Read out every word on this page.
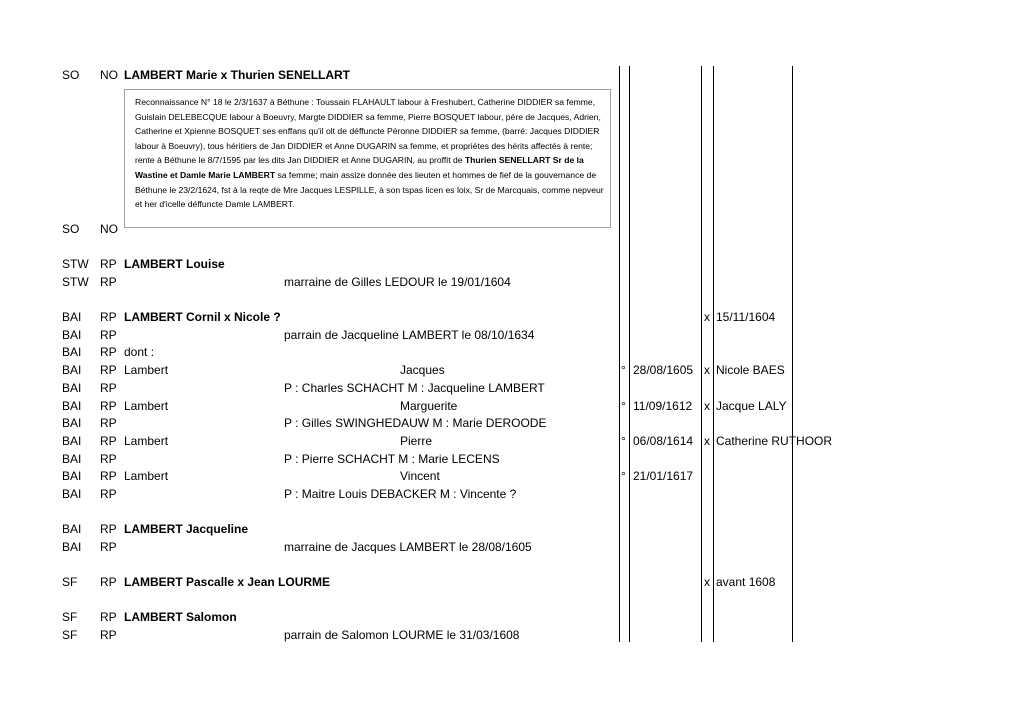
SO NO LAMBERT Marie x Thurien SENELLART
SO NO
STW RP LAMBERT Louise
STW RP	marraine de Gilles LEDOUR le 19/01/1604
BAI RP LAMBERT Cornil x Nicole ?	x 15/11/1604
BAI RP	parrain de Jacqueline LAMBERT le 08/10/1634
BAI RP dont :
BAI RP Lambert	Jacques	° 28/08/1605 x Nicole BAES
BAI RP	P : Charles SCHACHT M : Jacqueline LAMBERT
BAI RP Lambert	Marguerite	° 11/09/1612 x Jacque LALY
BAI RP	P : Gilles SWINGHEDAUW M : Marie DEROODE
BAI RP Lambert	Pierre	° 06/08/1614 x Catherine RUTHOOR
BAI RP	P : Pierre SCHACHT M : Marie LECENS
BAI RP Lambert	Vincent	° 21/01/1617
BAI RP	P : Maitre Louis DEBACKER M : Vincente ?
BAI RP LAMBERT Jacqueline
BAI RP	marraine de Jacques LAMBERT le 28/08/1605
SF RP LAMBERT Pascalle x Jean LOURME	x avant 1608
SF RP LAMBERT Salomon
SF RP	parrain de Salomon LOURME le 31/03/1608

Reconnaissance N° 18 le 2/3/1637 à Béthune : Toussain FLAHAULT labour à Freshubert, Catherine DIDDIER sa femme, Guislain DELEBECQUE labour à Boeuvry, Margte DIDDIER sa femme, Pierre BOSQUET labour, pére de Jacques, Adrien, Catherine et Xpienne BOSQUET ses enffans qu'il olt de déffuncte Péronne DIDDIER sa femme, (barré: Jacques DIDDIER labour à Boeuvry), tous héritiers de Jan DIDDIER et Anne DUGARIN sa femme, et propriétes des hérits affectés à rente; rente à Béthune le 8/7/1595 par les dits Jan DIDDIER et Anne DUGARIN, au proffit de Thurien SENELLART Sr de la Wastine et Damle Marie LAMBERT sa femme; main assize donnée des lieuten et hommes de fief de la gouvernance de Béthune le 23/2/1624, fst à la reqte de Mre Jacques LESPILLE, à son tspas licen es loix, Sr de Marcquais, comme nepveur et her d'icelle déffuncte Damle LAMBERT.
